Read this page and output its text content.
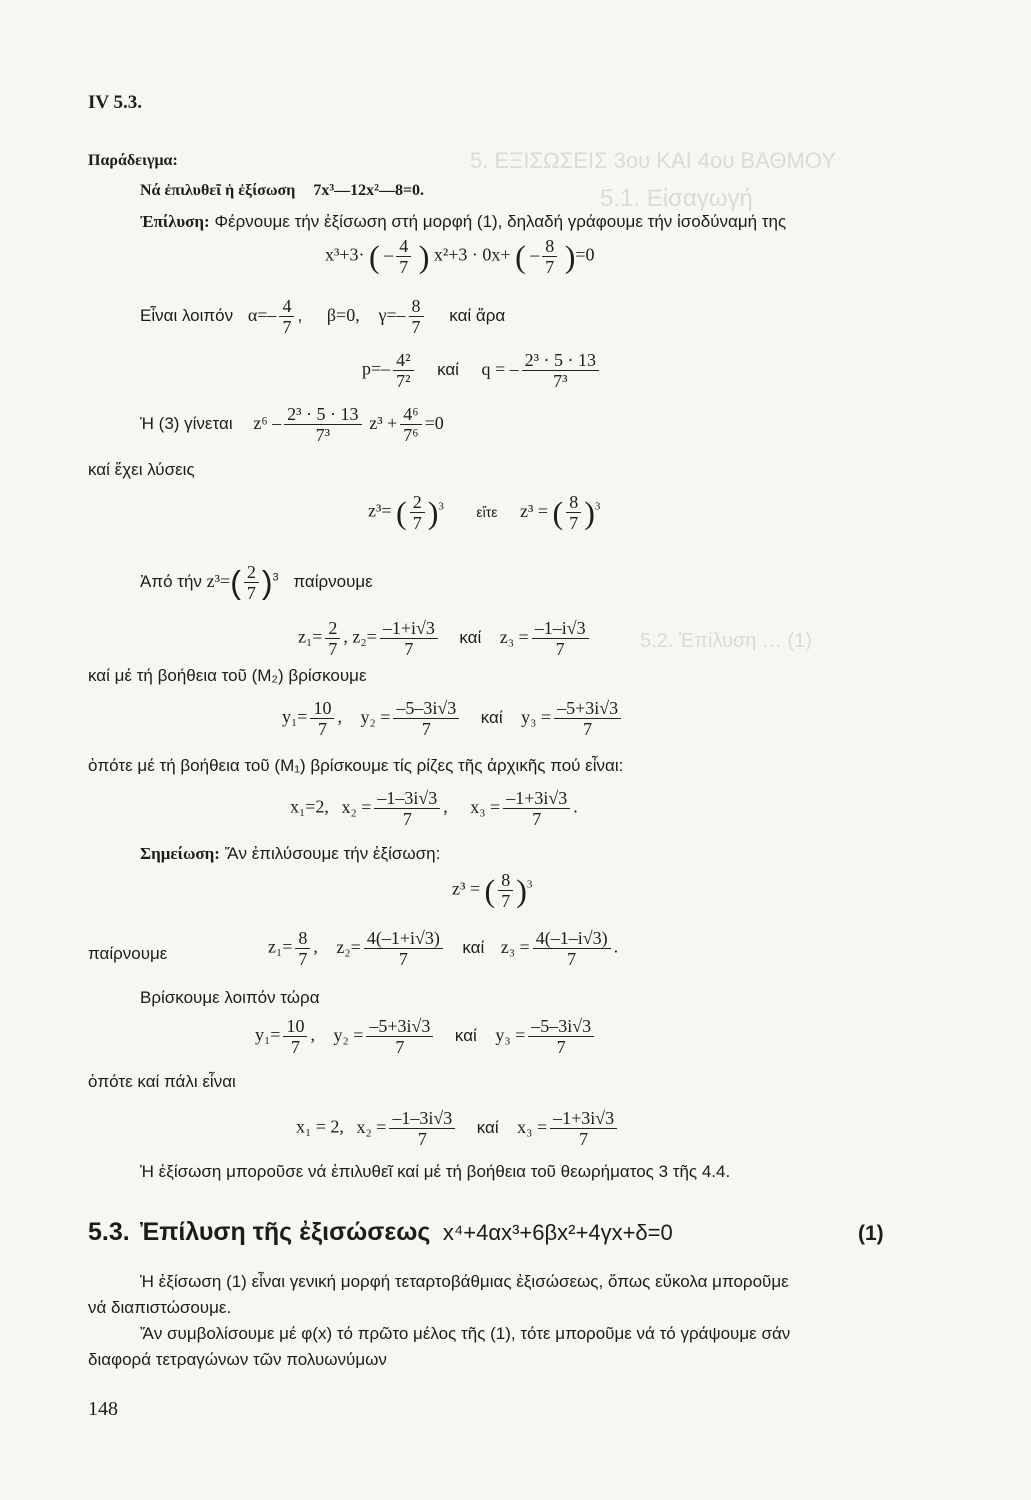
5. ΕΞΙΣΩΣΕΙΣ 3ου ΚΑΙ 4ου ΒΑΘΜΟΥ
5.1. Εἰσαγωγή
5.2. Ἐπίλυση … (1)
IV 5.3.
Παράδειγμα:
Νά ἐπιλυθεῖ ἡ ἐξίσωση 7x³—12x²—8=0.
Ἐπίλυση: Φέρνουμε τήν ἐξίσωση στή μορφή (1), δηλαδή γράφουμε τήν ἰσοδύναμή της
x³+3· ( – $\frac{4}{7}$ ) x²+3 · 0x+ ( – $\frac{8}{7} )=0$
Εἶναι λοιπόν $\alpha=- \frac{4}{7}$ , β=0, $\gamma=- \frac{8}{7}$ καί ἄρα
$p=- \frac{\text{4²}}{\text{7²}}$ καί q = – $\frac{\text{2³ · 5 · 13}}{\text{7³}}$
Ἡ (3) γίνεται $z^6 - \frac{\text{2³ · 5 · 13}}{\text{7³}} z^3 + \frac{\text{4⁶}}{\text{7⁶}} =0$
καί ἔχει λύσεις
z³= ( $\frac{2}{7} )^3$ εἴτε z³ = ( $\frac{8}{7} )^3$
Ἀπό τήν $z^3=( \frac{2}{7} )^3$ παίρνουμε
$z_1= \frac{2}{7}$ , $z_2= \frac{-1+i√3}{7}$ καί $z_3 = \frac{-1-i√3}{7}$
καί μέ τή βοήθεια τοῦ (M₂) βρίσκουμε
$y_1= \frac{10}{7}$ , $y_2 = \frac{-5-3i√3}{7}$ καί $y_3 = \frac{-5+3i√3}{7}$
ὁπότε μέ τή βοήθεια τοῦ (M₁) βρίσκουμε τίς ρίζες τῆς ἀρχικῆς πού εἶναι:
x₁=2, $x_2 = \frac{-1-3i√3}{7}$ , $x_3 = \frac{-1+3i√3}{7}$ .
Σημείωση: Ἄν ἐπιλύσουμε τήν ἐξίσωση:
z³ = ( $\frac{8}{7} )^3$
παίρνουμε	$z_1= \frac{8}{7}$ , $z_2= \frac{4(-1+i√3)}{7}$ καί $z_3 = \frac{4(-1-i√3)}{7}$ .
Βρίσκουμε λοιπόν τώρα
$y_1= \frac{10}{7}$ , $y_2 = \frac{-5+3i√3}{7}$ καί $y_3 = \frac{-5-3i√3}{7}$
ὁπότε καί πάλι εἶναι
x₁ = 2, $x_2 = \frac{-1-3i√3}{7}$ καί $x_3 = \frac{-1+3i√3}{7}$
Ἡ ἐξίσωση μποροῦσε νά ἐπιλυθεῖ καί μέ τή βοήθεια τοῦ θεωρήματος 3 τῆς 4.4.
5.3. Ἐπίλυση τῆς ἐξισώσεως x⁴+4αx³+6βx²+4γx+δ=0	(1)
Ἡ ἐξίσωση (1) εἶναι γενική μορφή τεταρτοβάθμιας ἐξισώσεως, ὅπως εὔκολα μποροῦμε
νά διαπιστώσουμε.
Ἄν συμβολίσουμε μέ φ(x) τό πρῶτο μέλος τῆς (1), τότε μποροῦμε νά τό γράψουμε σάν
διαφορά τετραγώνων τῶν πολυωνύμων
148
